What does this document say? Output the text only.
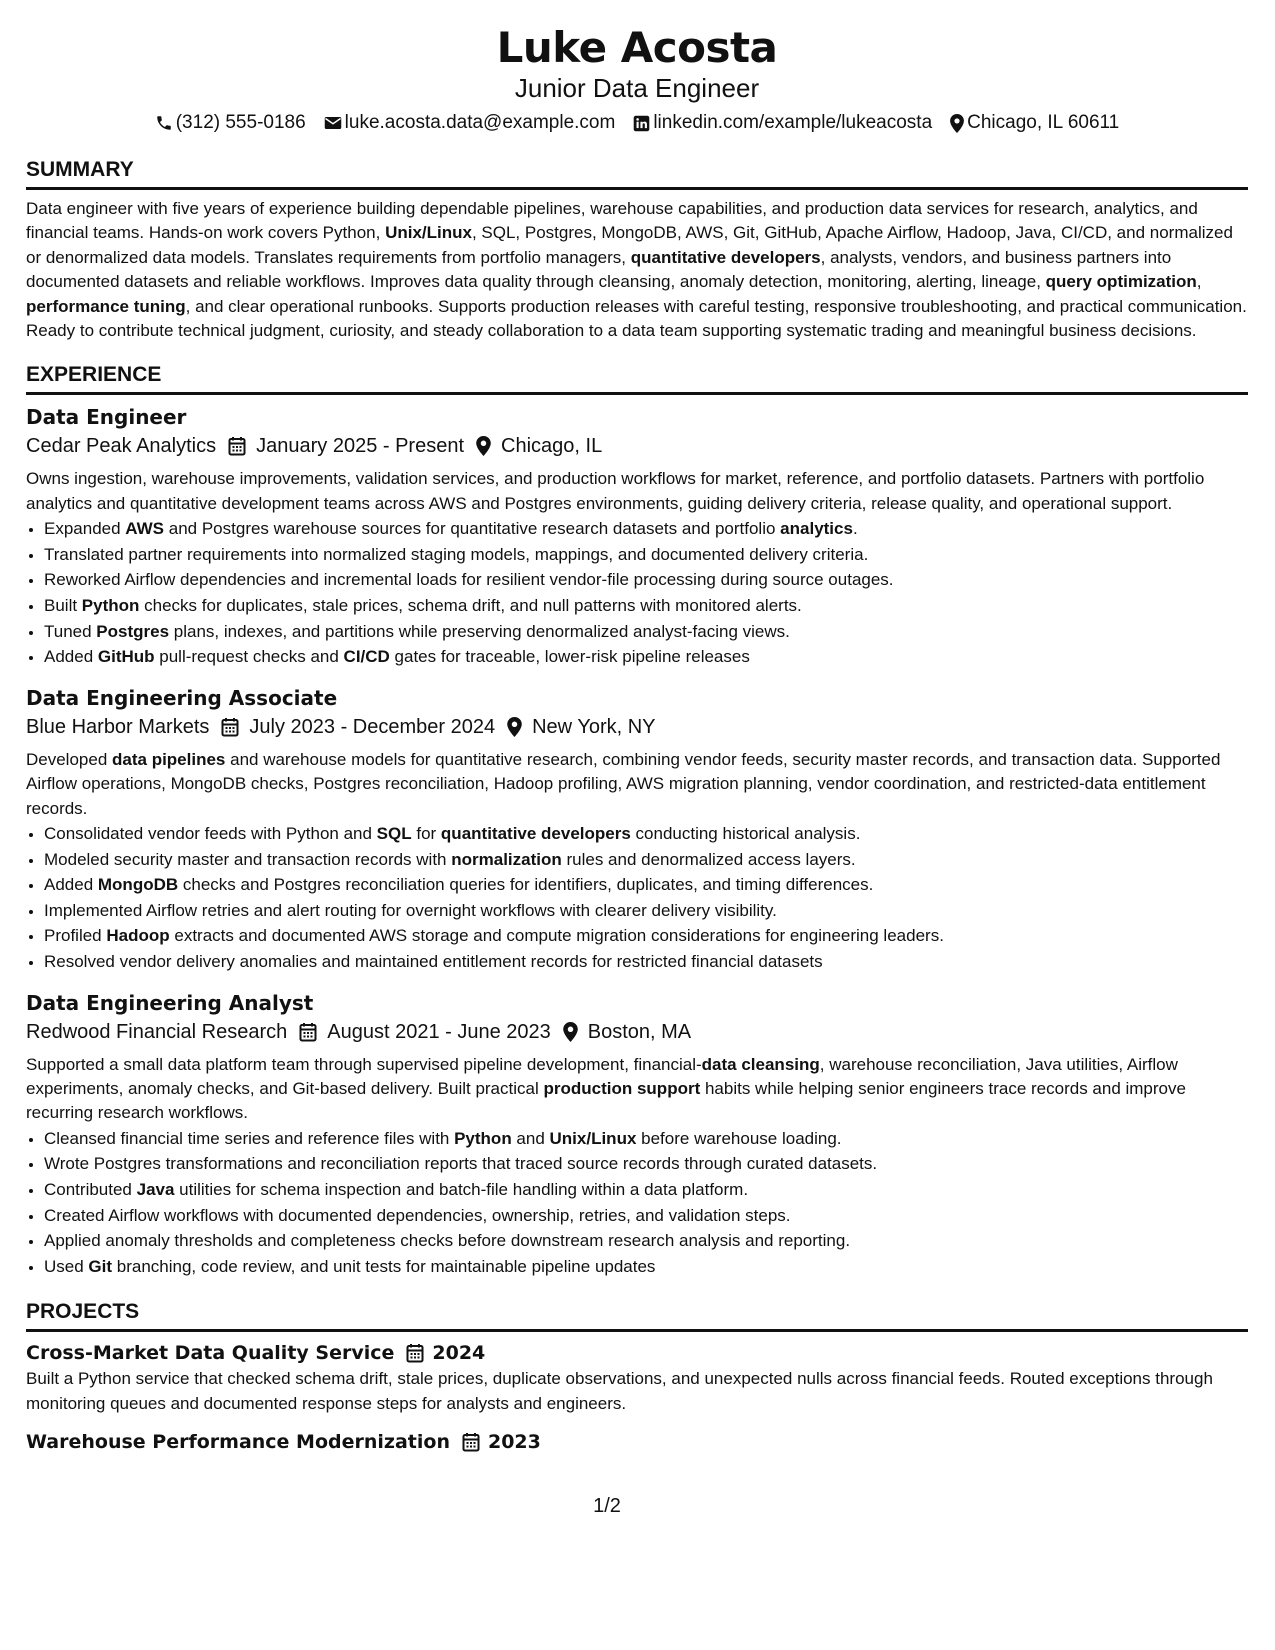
Luke Acosta
Junior Data Engineer
(312) 555-0186 luke.acosta.data@example.com linkedin.com/example/lukeacosta Chicago, IL 60611
SUMMARY
Data engineer with five years of experience building dependable pipelines, warehouse capabilities, and production data services for research, analytics, and financial teams. Hands-on work covers Python, Unix/Linux, SQL, Postgres, MongoDB, AWS, Git, GitHub, Apache Airflow, Hadoop, Java, CI/CD, and normalized or denormalized data models. Translates requirements from portfolio managers, quantitative developers, analysts, vendors, and business partners into documented datasets and reliable workflows. Improves data quality through cleansing, anomaly detection, monitoring, alerting, lineage, query optimization, performance tuning, and clear operational runbooks. Supports production releases with careful testing, responsive troubleshooting, and practical communication. Ready to contribute technical judgment, curiosity, and steady collaboration to a data team supporting systematic trading and meaningful business decisions.
EXPERIENCE
Data Engineer
Cedar Peak Analytics January 2025 - Present Chicago, IL
Owns ingestion, warehouse improvements, validation services, and production workflows for market, reference, and portfolio datasets. Partners with portfolio analytics and quantitative development teams across AWS and Postgres environments, guiding delivery criteria, release quality, and operational support.
• Expanded AWS and Postgres warehouse sources for quantitative research datasets and portfolio analytics.
• Translated partner requirements into normalized staging models, mappings, and documented delivery criteria.
• Reworked Airflow dependencies and incremental loads for resilient vendor-file processing during source outages.
• Built Python checks for duplicates, stale prices, schema drift, and null patterns with monitored alerts.
• Tuned Postgres plans, indexes, and partitions while preserving denormalized analyst-facing views.
• Added GitHub pull-request checks and CI/CD gates for traceable, lower-risk pipeline releases
Data Engineering Associate
Blue Harbor Markets July 2023 - December 2024 New York, NY
Developed data pipelines and warehouse models for quantitative research, combining vendor feeds, security master records, and transaction data. Supported Airflow operations, MongoDB checks, Postgres reconciliation, Hadoop profiling, AWS migration planning, vendor coordination, and restricted-data entitlement records.
• Consolidated vendor feeds with Python and SQL for quantitative developers conducting historical analysis.
• Modeled security master and transaction records with normalization rules and denormalized access layers.
• Added MongoDB checks and Postgres reconciliation queries for identifiers, duplicates, and timing differences.
• Implemented Airflow retries and alert routing for overnight workflows with clearer delivery visibility.
• Profiled Hadoop extracts and documented AWS storage and compute migration considerations for engineering leaders.
• Resolved vendor delivery anomalies and maintained entitlement records for restricted financial datasets
Data Engineering Analyst
Redwood Financial Research August 2021 - June 2023 Boston, MA
Supported a small data platform team through supervised pipeline development, financial-data cleansing, warehouse reconciliation, Java utilities, Airflow experiments, anomaly checks, and Git-based delivery. Built practical production support habits while helping senior engineers trace records and improve recurring research workflows.
• Cleansed financial time series and reference files with Python and Unix/Linux before warehouse loading.
• Wrote Postgres transformations and reconciliation reports that traced source records through curated datasets.
• Contributed Java utilities for schema inspection and batch-file handling within a data platform.
• Created Airflow workflows with documented dependencies, ownership, retries, and validation steps.
• Applied anomaly thresholds and completeness checks before downstream research analysis and reporting.
• Used Git branching, code review, and unit tests for maintainable pipeline updates
PROJECTS
Cross-Market Data Quality Service 2024
Built a Python service that checked schema drift, stale prices, duplicate observations, and unexpected nulls across financial feeds. Routed exceptions through monitoring queues and documented response steps for analysts and engineers.
Warehouse Performance Modernization 2023
1/2
